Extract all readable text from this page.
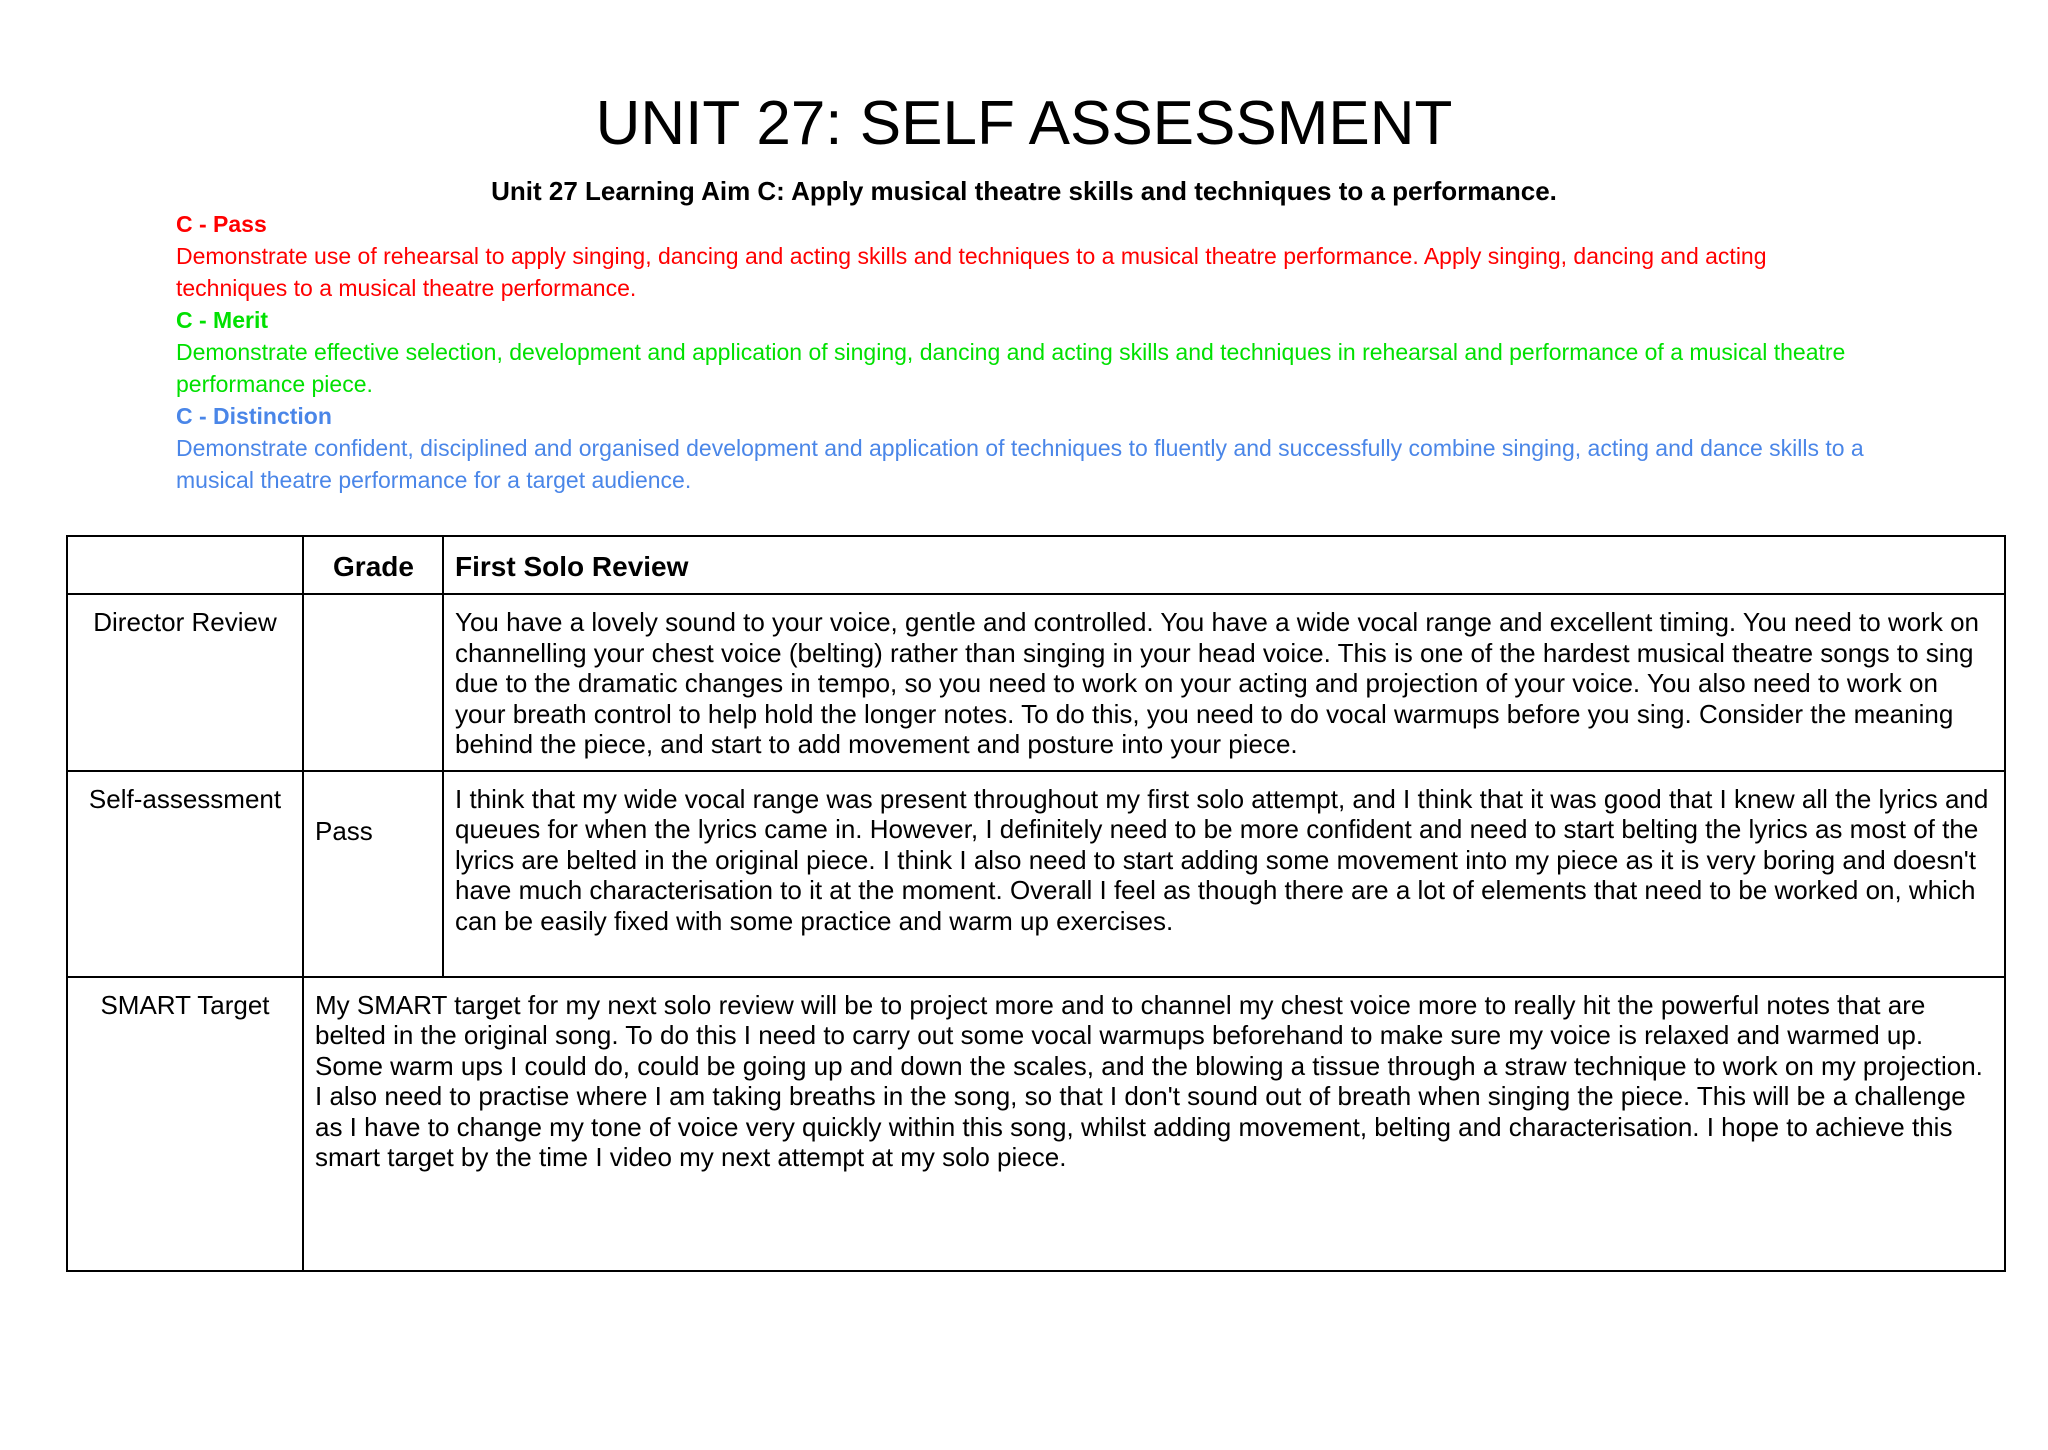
UNIT 27: SELF ASSESSMENT
Unit 27 Learning Aim C: Apply musical theatre skills and techniques to a performance.
C - Pass
Demonstrate use of rehearsal to apply singing, dancing and acting skills and techniques to a musical theatre performance. Apply singing, dancing and acting techniques to a musical theatre performance.
C - Merit
Demonstrate effective selection, development and application of singing, dancing and acting skills and techniques in rehearsal and performance of a musical theatre performance piece.
C - Distinction
Demonstrate confident, disciplined and organised development and application of techniques to fluently and successfully combine singing, acting and dance skills to a musical theatre performance for a target audience.
	Grade	First Solo Review
Director Review		You have a lovely sound to your voice, gentle and controlled. You have a wide vocal range and excellent timing. You need to work on channelling your chest voice (belting) rather than singing in your head voice. This is one of the hardest musical theatre songs to sing due to the dramatic changes in tempo, so you need to work on your acting and projection of your voice. You also need to work on your breath control to help hold the longer notes. To do this, you need to do vocal warmups before you sing. Consider the meaning behind the piece, and start to add movement and posture into your piece.
Self-assessment	Pass	I think that my wide vocal range was present throughout my first solo attempt, and I think that it was good that I knew all the lyrics and queues for when the lyrics came in. However, I definitely need to be more confident and need to start belting the lyrics as most of the lyrics are belted in the original piece. I think I also need to start adding some movement into my piece as it is very boring and doesn't have much characterisation to it at the moment. Overall I feel as though there are a lot of elements that need to be worked on, which can be easily fixed with some practice and warm up exercises.
SMART Target	My SMART target for my next solo review will be to project more and to channel my chest voice more to really hit the powerful notes that are belted in the original song. To do this I need to carry out some vocal warmups beforehand to make sure my voice is relaxed and warmed up. Some warm ups I could do, could be going up and down the scales, and the blowing a tissue through a straw technique to work on my projection. I also need to practise where I am taking breaths in the song, so that I don't sound out of breath when singing the piece. This will be a challenge as I have to change my tone of voice very quickly within this song, whilst adding movement, belting and characterisation. I hope to achieve this smart target by the time I video my next attempt at my solo piece.	
